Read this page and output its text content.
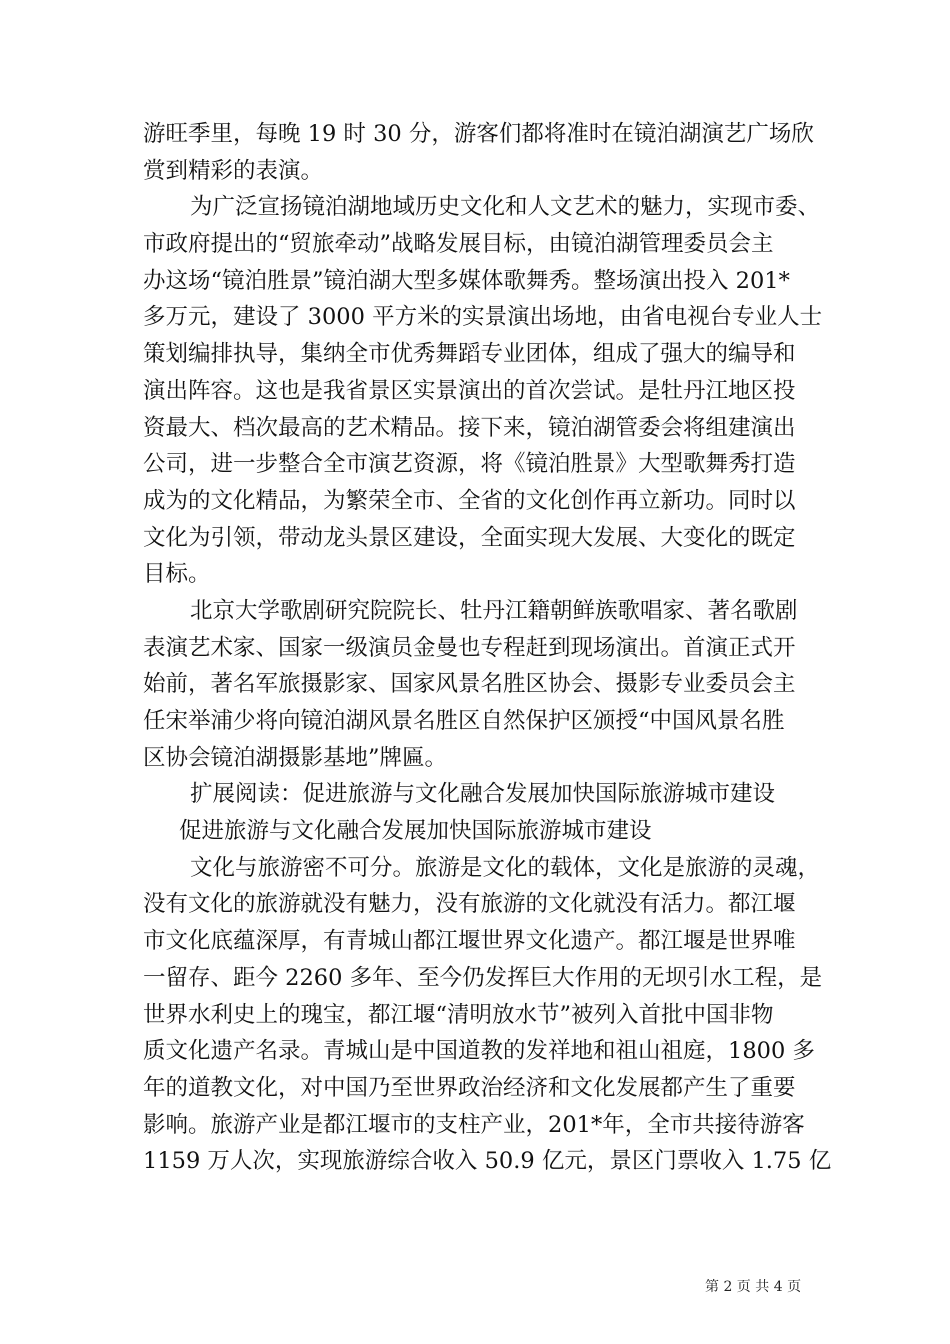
游旺季里，每晚 19 时 30 分，游客们都将准时在镜泊湖演艺广场欣
赏到精彩的表演。
为广泛宣扬镜泊湖地域历史文化和人文艺术的魅力，实现市委、
市政府提出的“贸旅牵动”战略发展目标，由镜泊湖管理委员会主
办这场“镜泊胜景”镜泊湖大型多媒体歌舞秀。整场演出投入 201*
多万元，建设了 3000 平方米的实景演出场地，由省电视台专业人士
策划编排执导，集纳全市优秀舞蹈专业团体，组成了强大的编导和
演出阵容。这也是我省景区实景演出的首次尝试。是牡丹江地区投
资最大、档次最高的艺术精品。接下来，镜泊湖管委会将组建演出
公司，进一步整合全市演艺资源，将《镜泊胜景》大型歌舞秀打造
成为的文化精品，为繁荣全市、全省的文化创作再立新功。同时以
文化为引领，带动龙头景区建设，全面实现大发展、大变化的既定
目标。
北京大学歌剧研究院院长、牡丹江籍朝鲜族歌唱家、著名歌剧
表演艺术家、国家一级演员金曼也专程赶到现场演出。首演正式开
始前，著名军旅摄影家、国家风景名胜区协会、摄影专业委员会主
任宋举浦少将向镜泊湖风景名胜区自然保护区颁授“中国风景名胜
区协会镜泊湖摄影基地”牌匾。
扩展阅读：促进旅游与文化融合发展加快国际旅游城市建设
促进旅游与文化融合发展加快国际旅游城市建设
文化与旅游密不可分。旅游是文化的载体，文化是旅游的灵魂，
没有文化的旅游就没有魅力，没有旅游的文化就没有活力。都江堰
市文化底蕴深厚，有青城山都江堰世界文化遗产。都江堰是世界唯
一留存、距今 2260 多年、至今仍发挥巨大作用的无坝引水工程，是
世界水利史上的瑰宝，都江堰“清明放水节”被列入首批中国非物
质文化遗产名录。青城山是中国道教的发祥地和祖山祖庭，1800 多
年的道教文化，对中国乃至世界政治经济和文化发展都产生了重要
影响。旅游产业是都江堰市的支柱产业，201*年，全市共接待游客
1159 万人次，实现旅游综合收入 50.9 亿元，景区门票收入 1.75 亿
第 2 页 共 4 页
